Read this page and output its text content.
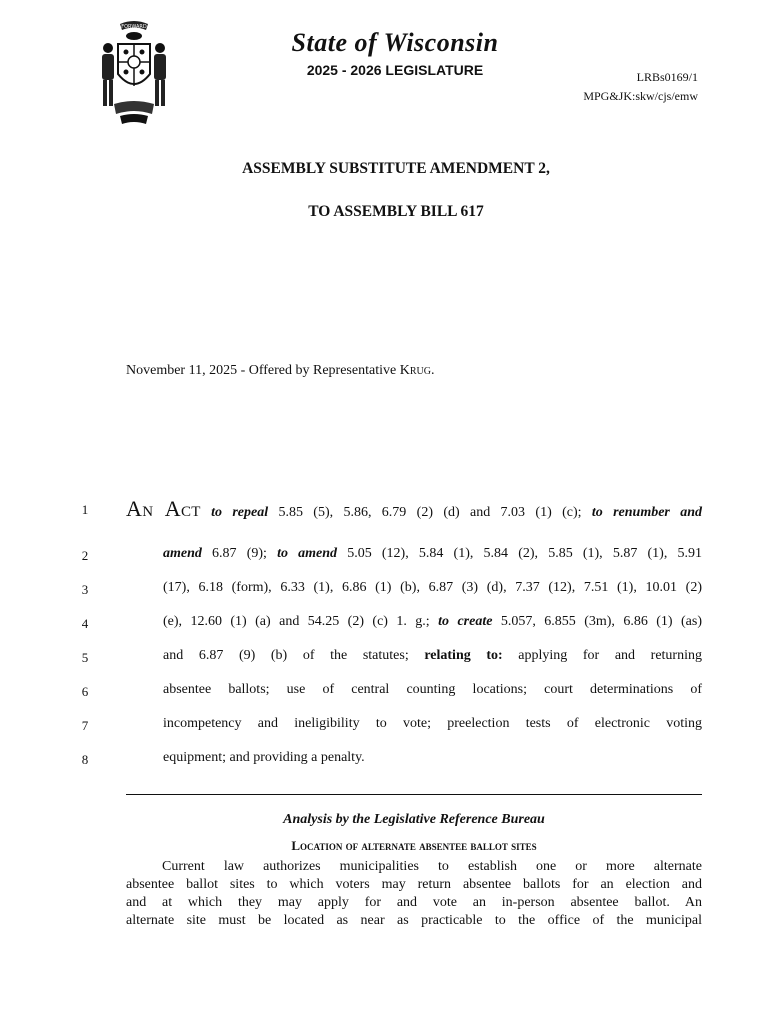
FORWARD
State of Wisconsin
2025 - 2026 LEGISLATURE	LRBs0169/1
MPG&JK:skw/cjs/emw
ASSEMBLY SUBSTITUTE AMENDMENT 2,
TO ASSEMBLY BILL 617
November 11, 2025 - Offered by Representative Krug.
1
2
3
4
5
6
7
8
An Act to repeal 5.85 (5), 5.86, 6.79 (2) (d) and 7.03 (1) (c); to renumber and
amend 6.87 (9); to amend 5.05 (12), 5.84 (1), 5.84 (2), 5.85 (1), 5.87 (1), 5.91
(17), 6.18 (form), 6.33 (1), 6.86 (1) (b), 6.87 (3) (d), 7.37 (12), 7.51 (1), 10.01 (2)
(e), 12.60 (1) (a) and 54.25 (2) (c) 1. g.; to create 5.057, 6.855 (3m), 6.86 (1) (as)
and 6.87 (9) (b) of the statutes; relating to: applying for and returning
absentee ballots; use of central counting locations; court determinations of
incompetency and ineligibility to vote; preelection tests of electronic voting
equipment; and providing a penalty.
Analysis by the Legislative Reference Bureau
Location of alternate absentee ballot sites
Current law authorizes municipalities to establish one or more alternate
absentee ballot sites to which voters may return absentee ballots for an election and
and at which they may apply for and vote an in-person absentee ballot. An
alternate site must be located as near as practicable to the office of the municipal
